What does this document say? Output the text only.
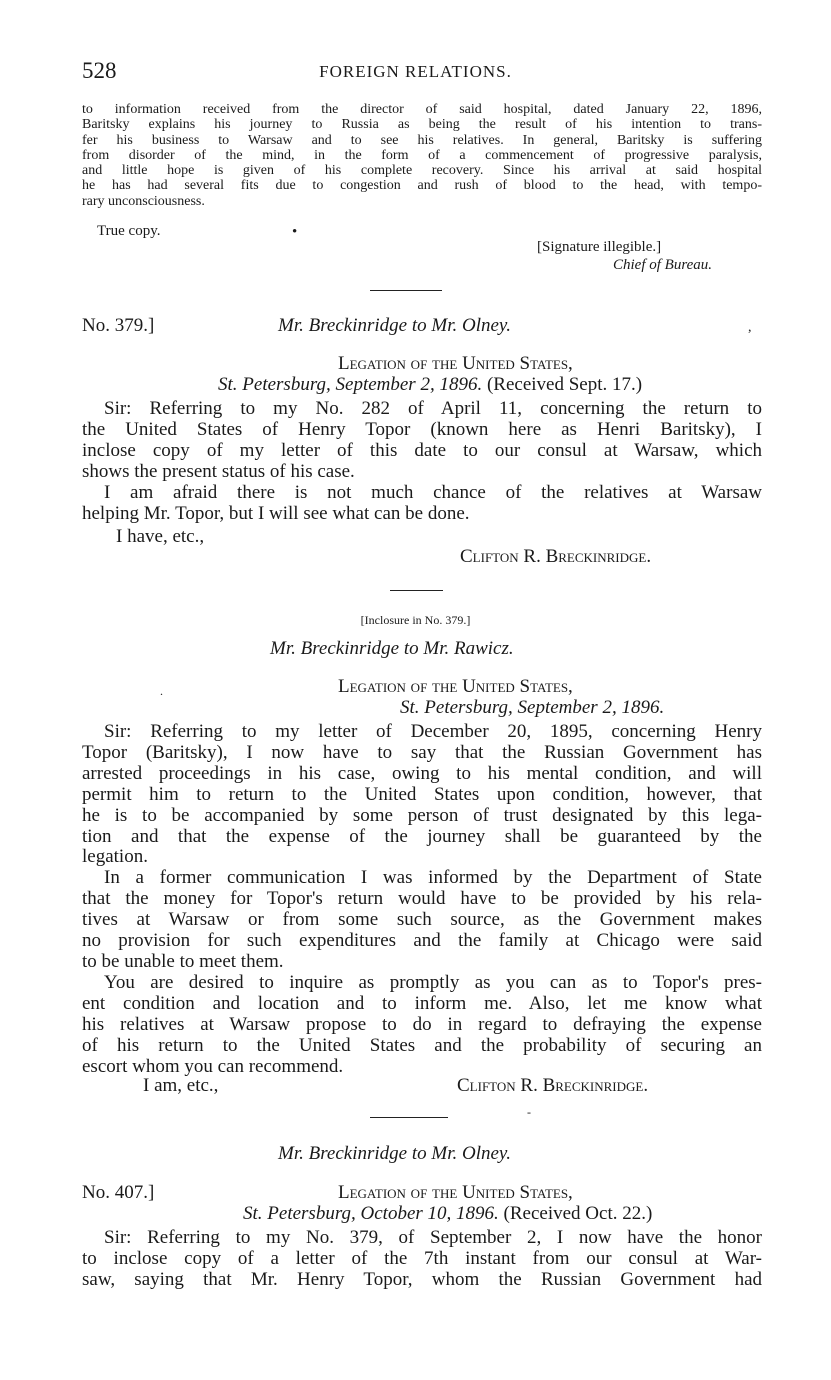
528	FOREIGN RELATIONS.

to information received from the director of said hospital, dated January 22, 1896,

Baritsky explains his journey to Russia as being the result of his intention to trans-

fer his business to Warsaw and to see his relatives. In general, Baritsky is suffering

from disorder of the mind, in the form of a commencement of progressive paralysis,

and little hope is given of his complete recovery. Since his arrival at said hospital

he has had several fits due to congestion and rush of blood to the head, with tempo-

rary unconsciousness.

True copy.	•
[Signature illegible.]
Chief of Bureau.
No. 379.]	Mr. Breckinridge to Mr. Olney.	,
Legation of the United States,
St. Petersburg, September 2, 1896. (Received Sept. 17.)

Sir: Referring to my No. 282 of April 11, concerning the return to

the United States of Henry Topor (known here as Henri Baritsky), I

inclose copy of my letter of this date to our consul at Warsaw, which

shows the present status of his case.

I am afraid there is not much chance of the relatives at Warsaw

helping Mr. Topor, but I will see what can be done.

I have, etc.,
Clifton R. Breckinridge.
[Inclosure in No. 379.]
Mr. Breckinridge to Mr. Rawicz.
.	Legation of the United States,
St. Petersburg, September 2, 1896.

Sir: Referring to my letter of December 20, 1895, concerning Henry

Topor (Baritsky), I now have to say that the Russian Government has

arrested proceedings in his case, owing to his mental condition, and will

permit him to return to the United States upon condition, however, that

he is to be accompanied by some person of trust designated by this lega-

tion and that the expense of the journey shall be guaranteed by the

legation.

In a former communication I was informed by the Department of State

that the money for Topor's return would have to be provided by his rela-

tives at Warsaw or from some such source, as the Government makes

no provision for such expenditures and the family at Chicago were said

to be unable to meet them.

You are desired to inquire as promptly as you can as to Topor's pres-

ent condition and location and to inform me. Also, let me know what

his relatives at Warsaw propose to do in regard to defraying the expense

of his return to the United States and the probability of securing an

escort whom you can recommend.

I am, etc.,	Clifton R. Breckinridge.
-
Mr. Breckinridge to Mr. Olney.
No. 407.]	Legation of the United States,
St. Petersburg, October 10, 1896. (Received Oct. 22.)

Sir: Referring to my No. 379, of September 2, I now have the honor

to inclose copy of a letter of the 7th instant from our consul at War-

saw, saying that Mr. Henry Topor, whom the Russian Government had
